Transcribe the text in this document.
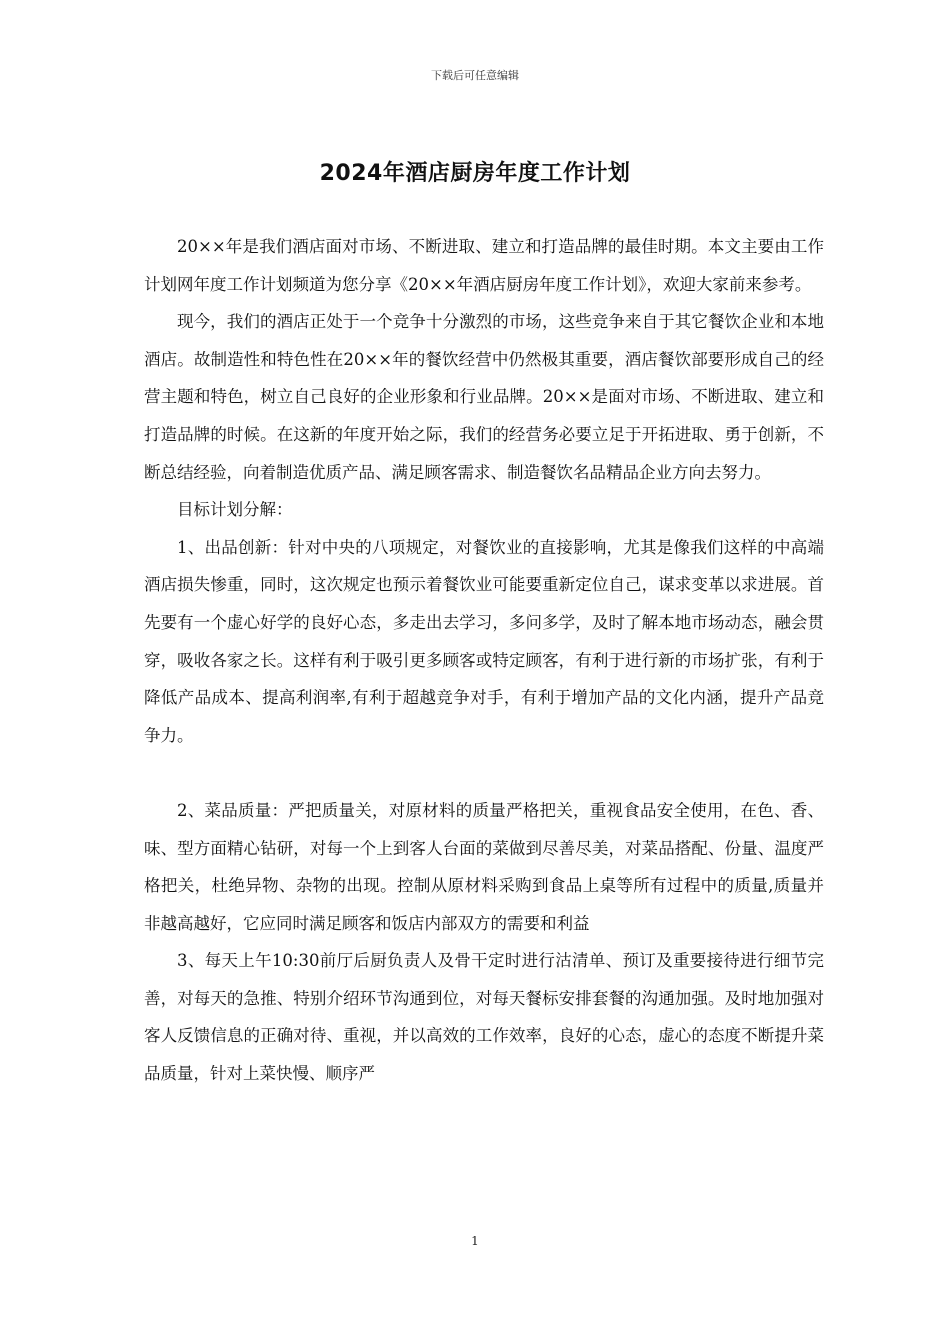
下载后可任意编辑
2024年酒店厨房年度工作计划

20××年是我们酒店面对市场、不断进取、建立和打造品牌的最佳时期。本文主要由工作计划网年度工作计划频道为您分享《20××年酒店厨房年度工作计划》，欢迎大家前来参考。

现今，我们的酒店正处于一个竞争十分激烈的市场，这些竞争来自于其它餐饮企业和本地酒店。故制造性和特色性在20××年的餐饮经营中仍然极其重要，酒店餐饮部要形成自己的经营主题和特色，树立自己良好的企业形象和行业品牌。20××是面对市场、不断进取、建立和打造品牌的时候。在这新的年度开始之际，我们的经营务必要立足于开拓进取、勇于创新，不断总结经验，向着制造优质产品、满足顾客需求、制造餐饮名品精品企业方向去努力。

目标计划分解：

1、出品创新：针对中央的八项规定，对餐饮业的直接影响，尤其是像我们这样的中高端酒店损失惨重，同时，这次规定也预示着餐饮业可能要重新定位自己，谋求变革以求进展。首先要有一个虚心好学的良好心态，多走出去学习，多问多学，及时了解本地市场动态，融会贯穿，吸收各家之长。这样有利于吸引更多顾客或特定顾客，有利于进行新的市场扩张，有利于降低产品成本、提高利润率,有利于超越竞争对手，有利于增加产品的文化内涵，提升产品竞争力。

2、菜品质量：严把质量关，对原材料的质量严格把关，重视食品安全使用，在色、香、味、型方面精心钻研，对每一个上到客人台面的菜做到尽善尽美，对菜品搭配、份量、温度严格把关，杜绝异物、杂物的出现。控制从原材料采购到食品上桌等所有过程中的质量,质量并非越高越好，它应同时满足顾客和饭店内部双方的需要和利益

3、每天上午10:30前厅后厨负责人及骨干定时进行沽清单、预订及重要接待进行细节完善，对每天的急推、特别介绍环节沟通到位，对每天餐标安排套餐的沟通加强。及时地加强对客人反馈信息的正确对待、重视，并以高效的工作效率，良好的心态，虚心的态度不断提升菜品质量，针对上菜快慢、顺序严

1
